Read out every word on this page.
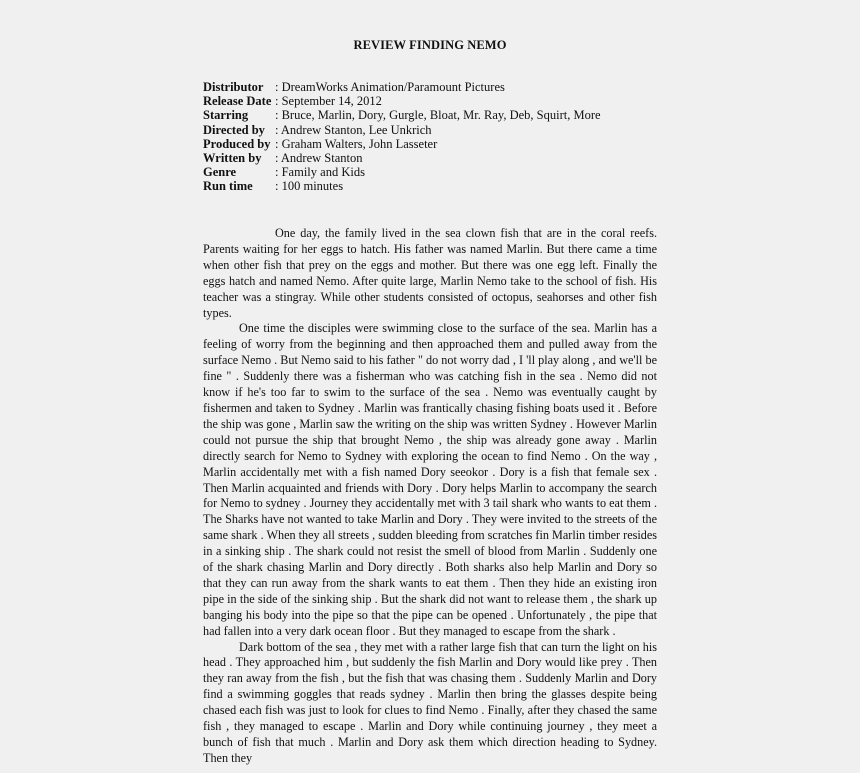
REVIEW FINDING NEMO
Distributor : DreamWorks Animation/Paramount Pictures
Release Date : September 14, 2012
Starring	: Bruce, Marlin, Dory, Gurgle, Bloat, Mr. Ray, Deb, Squirt, More
Directed by : Andrew Stanton, Lee Unkrich
Produced by : Graham Walters, John Lasseter
Written by	: Andrew Stanton
Genre	: Family and Kids
Run time	: 100 minutes

One day, the family lived in the sea clown fish that are in the coral reefs. Parents waiting for her eggs to hatch. His father was named Marlin. But there came a time when other fish that prey on the eggs and mother. But there was one egg left. Finally the eggs hatch and named Nemo. After quite large, Marlin Nemo take to the school of fish. His teacher was a stingray. While other students consisted of octopus, seahorses and other fish types.

One time the disciples were swimming close to the surface of the sea. Marlin has a feeling of worry from the beginning and then approached them and pulled away from the surface Nemo . But Nemo said to his father " do not worry dad , I 'll play along , and we'll be fine " . Suddenly there was a fisherman who was catching fish in the sea . Nemo did not know if he's too far to swim to the surface of the sea . Nemo was eventually caught by fishermen and taken to Sydney . Marlin was frantically chasing fishing boats used it . Before the ship was gone , Marlin saw the writing on the ship was written Sydney . However Marlin could not pursue the ship that brought Nemo , the ship was already gone away . Marlin directly search for Nemo to Sydney with exploring the ocean to find Nemo . On the way , Marlin accidentally met with a fish named Dory seeokor . Dory is a fish that female sex . Then Marlin acquainted and friends with Dory . Dory helps Marlin to accompany the search for Nemo to sydney . Journey they accidentally met with 3 tail shark who wants to eat them . The Sharks have not wanted to take Marlin and Dory . They were invited to the streets of the same shark . When they all streets , sudden bleeding from scratches fin Marlin timber resides in a sinking ship . The shark could not resist the smell of blood from Marlin . Suddenly one of the shark chasing Marlin and Dory directly . Both sharks also help Marlin and Dory so that they can run away from the shark wants to eat them . Then they hide an existing iron pipe in the side of the sinking ship . But the shark did not want to release them , the shark up banging his body into the pipe so that the pipe can be opened . Unfortunately , the pipe that had fallen into a very dark ocean floor . But they managed to escape from the shark .

Dark bottom of the sea , they met with a rather large fish that can turn the light on his head . They approached him , but suddenly the fish Marlin and Dory would like prey . Then they ran away from the fish , but the fish that was chasing them . Suddenly Marlin and Dory find a swimming goggles that reads sydney . Marlin then bring the glasses despite being chased each fish was just to look for clues to find Nemo . Finally, after they chased the same fish , they managed to escape . Marlin and Dory while continuing journey , they meet a bunch of fish that much . Marlin and Dory ask them which direction heading to Sydney. Then they
